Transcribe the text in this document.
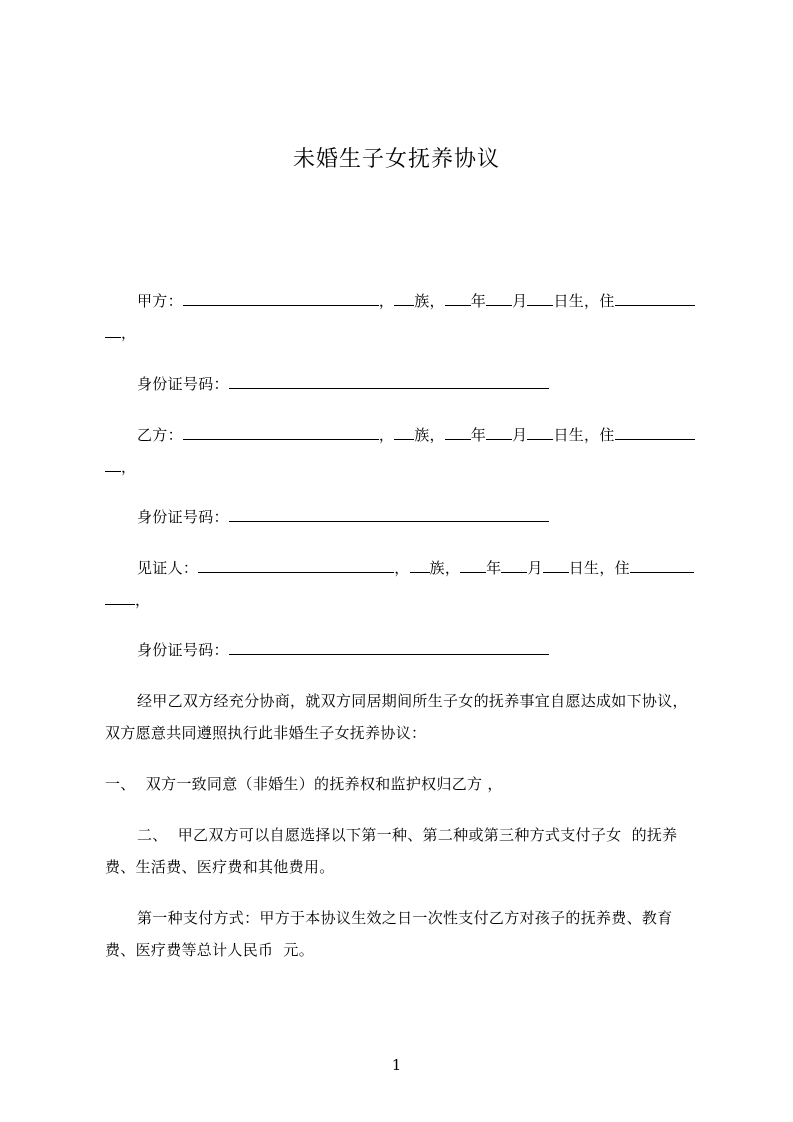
未婚生子女抚养协议
甲方：	， 族， 年 月 日生，住
，
身份证号码：
乙方：	， 族， 年 月 日生，住
，
身份证号码：
见证人：	， 族， 年 月 日生，住
，
身份证号码：
经甲乙双方经充分协商，就双方同居期间所生子女的抚养事宜自愿达成如下协议，
双方愿意共同遵照执行此非婚生子女抚养协议：
一、  双方一致同意（非婚生）的抚养权和监护权归乙方 ，
二、  甲乙双方可以自愿选择以下第一种、第二种或第三种方式支付子女  的抚养
费、生活费、医疗费和其他费用。
第一种支付方式：甲方于本协议生效之日一次性支付乙方对孩子的抚养费、教育
费、医疗费等总计人民币  元。
1
